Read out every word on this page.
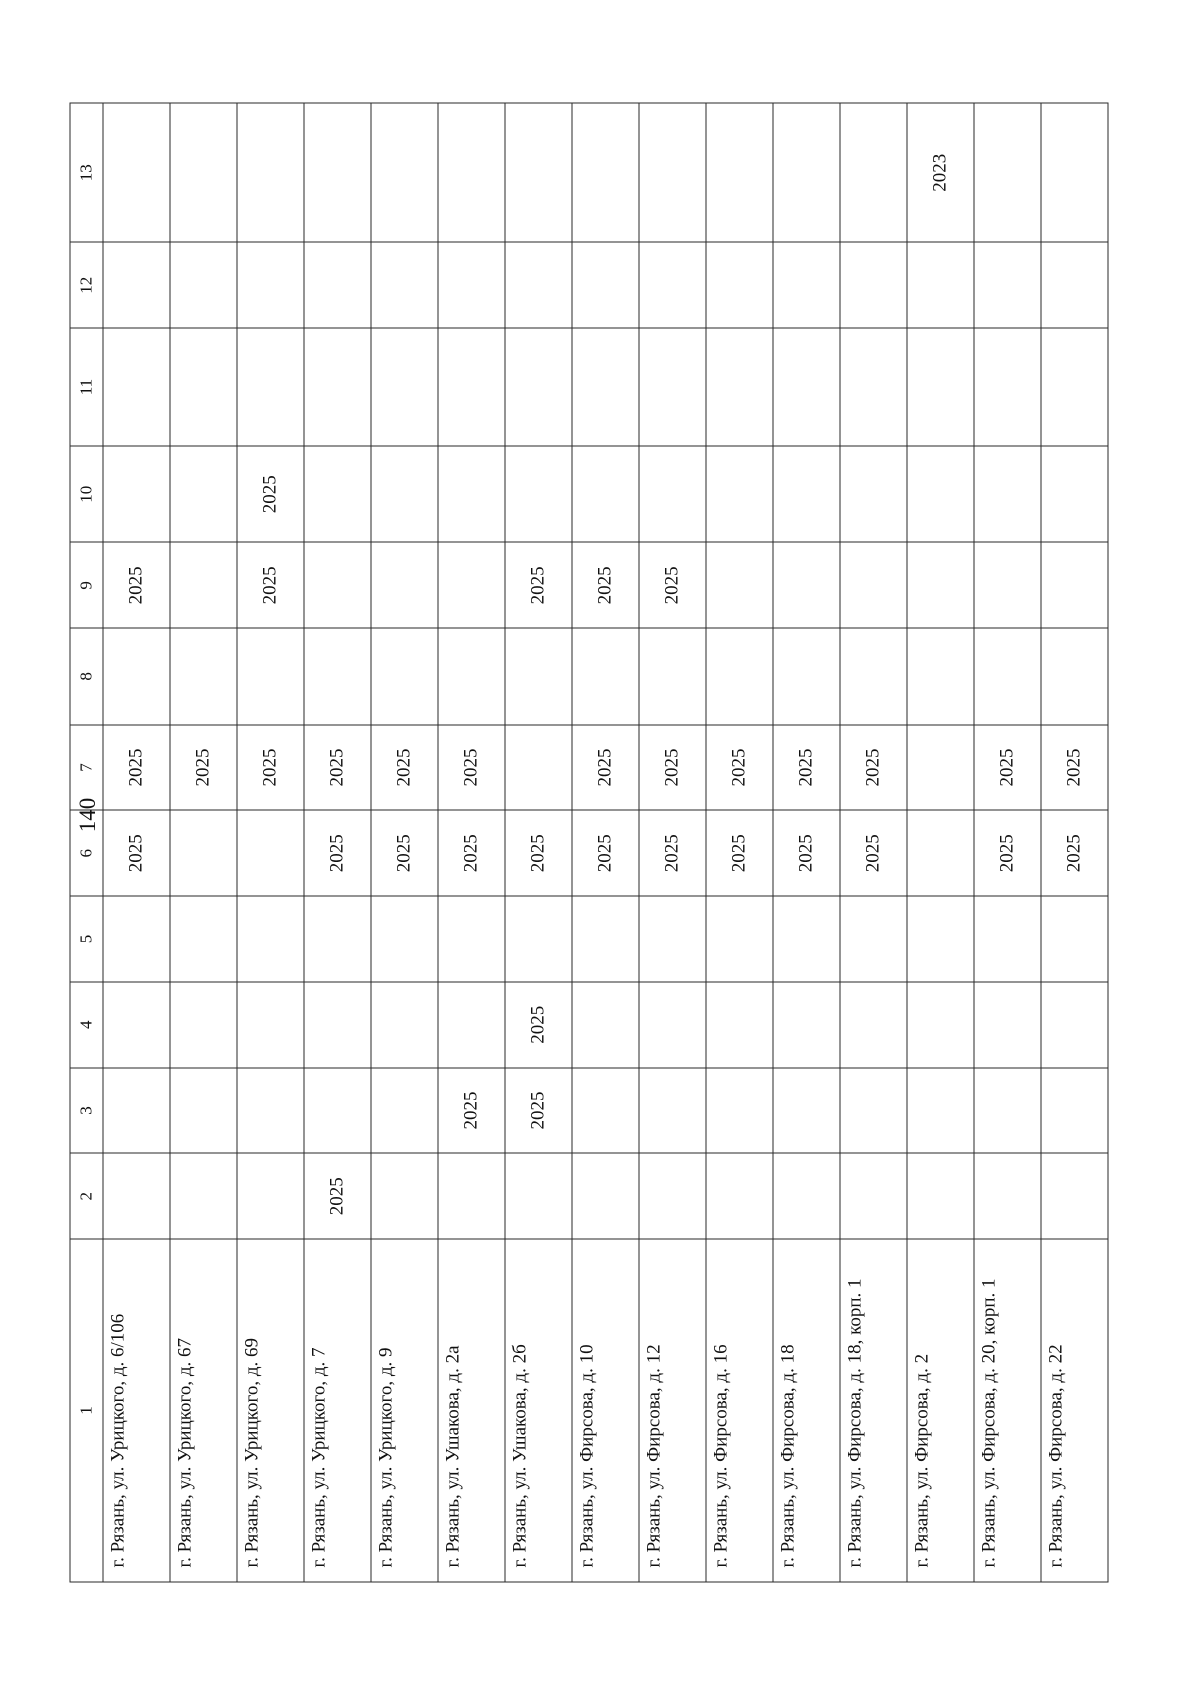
140
1	2	3	4	5	6	7	8	9	10	11	12	13
г. Рязань, ул. Урицкого, д. 6/106					2025	2025		2025				
г. Рязань, ул. Урицкого, д. 67						2025						
г. Рязань, ул. Урицкого, д. 69						2025		2025	2025			
г. Рязань, ул. Урицкого, д. 7	2025				2025	2025						
г. Рязань, ул. Урицкого, д. 9					2025	2025						
г. Рязань, ул. Ушакова, д. 2а		2025			2025	2025						
г. Рязань, ул. Ушакова, д. 2б		2025	2025		2025			2025				
г. Рязань, ул. Фирсова, д. 10					2025	2025		2025				
г. Рязань, ул. Фирсова, д. 12					2025	2025		2025				
г. Рязань, ул. Фирсова, д. 16					2025	2025						
г. Рязань, ул. Фирсова, д. 18					2025	2025						
г. Рязань, ул. Фирсова, д. 18, корп. 1					2025	2025						
г. Рязань, ул. Фирсова, д. 2												2023
г. Рязань, ул. Фирсова, д. 20, корп. 1					2025	2025						
г. Рязань, ул. Фирсова, д. 22					2025	2025						
